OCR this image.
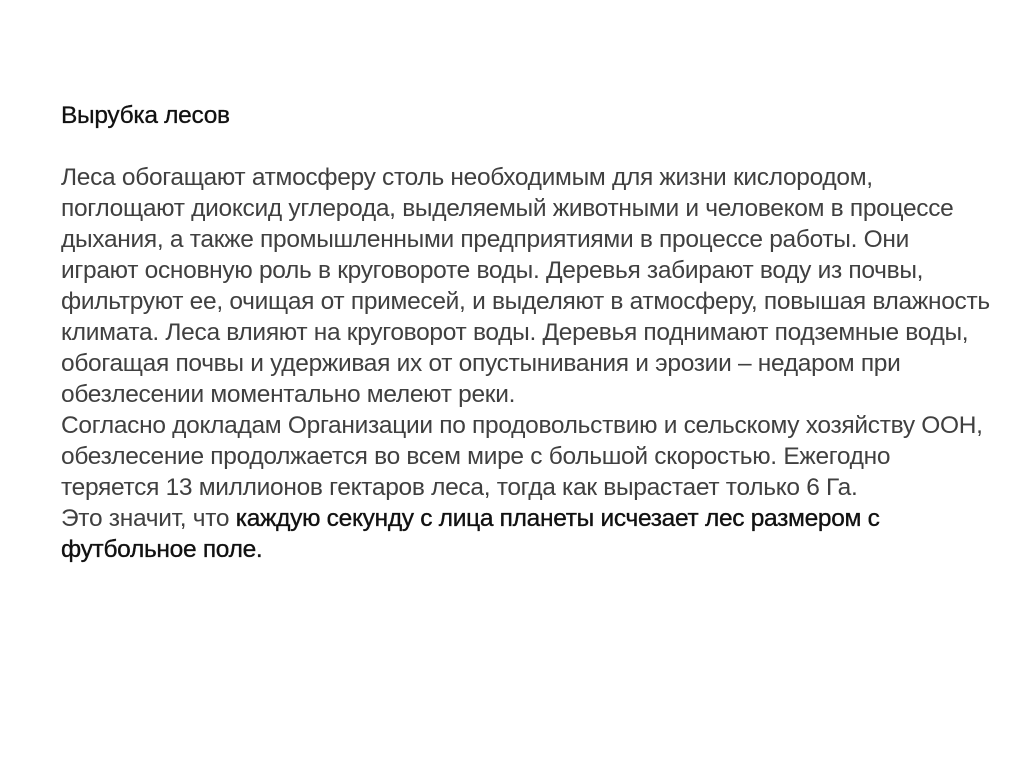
Вырубка лесов

Леса обогащают атмосферу столь необходимым для жизни кислородом, поглощают диоксид углерода, выделяемый животными и человеком в процессе дыхания, а также промышленными предприятиями в процессе работы. Они играют основную роль в круговороте воды. Деревья забирают воду из почвы, фильтруют ее, очищая от примесей, и выделяют в атмосферу, повышая влажность климата. Леса влияют на круговорот воды. Деревья поднимают подземные воды, обогащая почвы и удерживая их от опустынивания и эрозии – недаром при обезлесении моментально мелеют реки.

Согласно докладам Организации по продовольствию и сельскому хозяйству ООН, обезлесение продолжается во всем мире с большой скоростью. Ежегодно теряется 13 миллионов гектаров леса, тогда как вырастает только 6 Га.

Это значит, что каждую секунду с лица планеты исчезает лес размером с футбольное поле.
